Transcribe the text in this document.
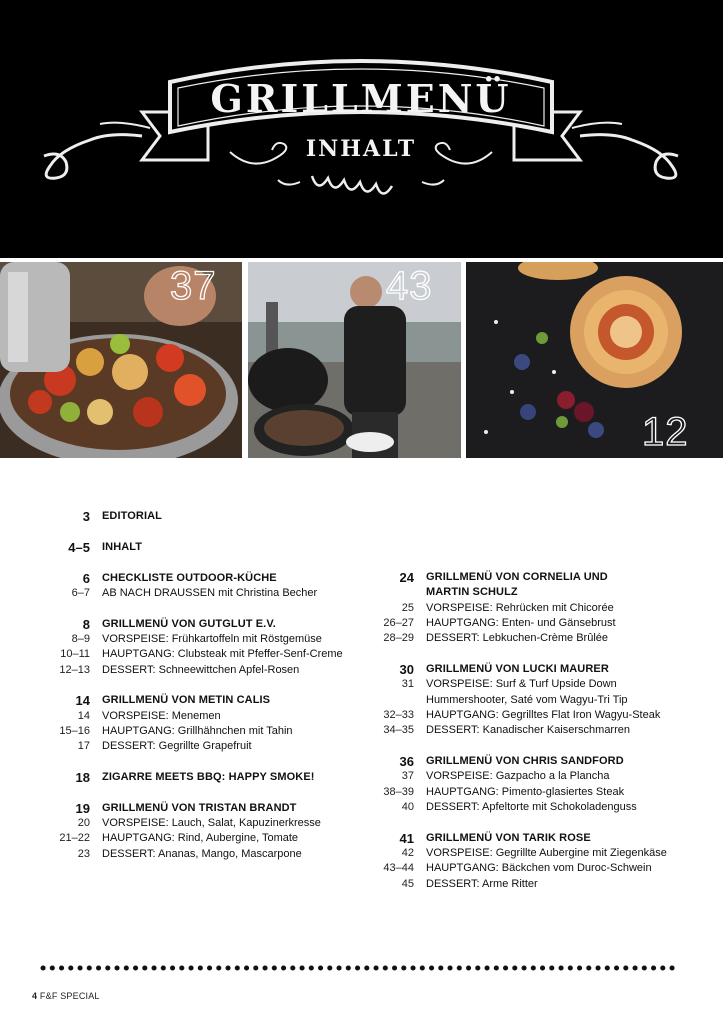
GRILLMENÜ
INHALT
37	43
12
3	EDITORIAL
4–5	INHALT
6	CHECKLISTE OUTDOOR-KÜCHE
6–7	AB NACH DRAUSSEN mit Christina Becher
8	GRILLMENÜ VON GUTGLUT E.V.
8–9	VORSPEISE: Frühkartoffeln mit Röstgemüse
10–11	HAUPTGANG: Clubsteak mit Pfeffer-Senf-Creme
12–13	DESSERT: Schneewittchen Apfel-Rosen
14	GRILLMENÜ VON METIN CALIS
14	VORSPEISE: Menemen
15–16	HAUPTGANG: Grillhähnchen mit Tahin
17	DESSERT: Gegrillte Grapefruit
18	ZIGARRE MEETS BBQ: HAPPY SMOKE!
19	GRILLMENÜ VON TRISTAN BRANDT
20	VORSPEISE: Lauch, Salat, Kapuzinerkresse
21–22	HAUPTGANG: Rind, Aubergine, Tomate
23	DESSERT: Ananas, Mango, Mascarpone
24	GRILLMENÜ VON CORNELIA UND
MARTIN SCHULZ
25	VORSPEISE: Rehrücken mit Chicorée
26–27	HAUPTGANG: Enten- und Gänsebrust
28–29	DESSERT: Lebkuchen-Crème Brûlée
30	GRILLMENÜ VON LUCKI MAURER
31	VORSPEISE: Surf & Turf Upside Down
Hummershooter, Saté vom Wagyu-Tri Tip
32–33	HAUPTGANG: Gegrilltes Flat Iron Wagyu-Steak
34–35	DESSERT: Kanadischer Kaiserschmarren
36	GRILLMENÜ VON CHRIS SANDFORD
37	VORSPEISE: Gazpacho a la Plancha
38–39	HAUPTGANG: Pimento-glasiertes Steak
40	DESSERT: Apfeltorte mit Schokoladenguss
41	GRILLMENÜ VON TARIK ROSE
42	VORSPEISE: Gegrillte Aubergine mit Ziegenkäse
43–44	HAUPTGANG: Bäckchen vom Duroc-Schwein
45	DESSERT: Arme Ritter
4 F&F SPECIAL
